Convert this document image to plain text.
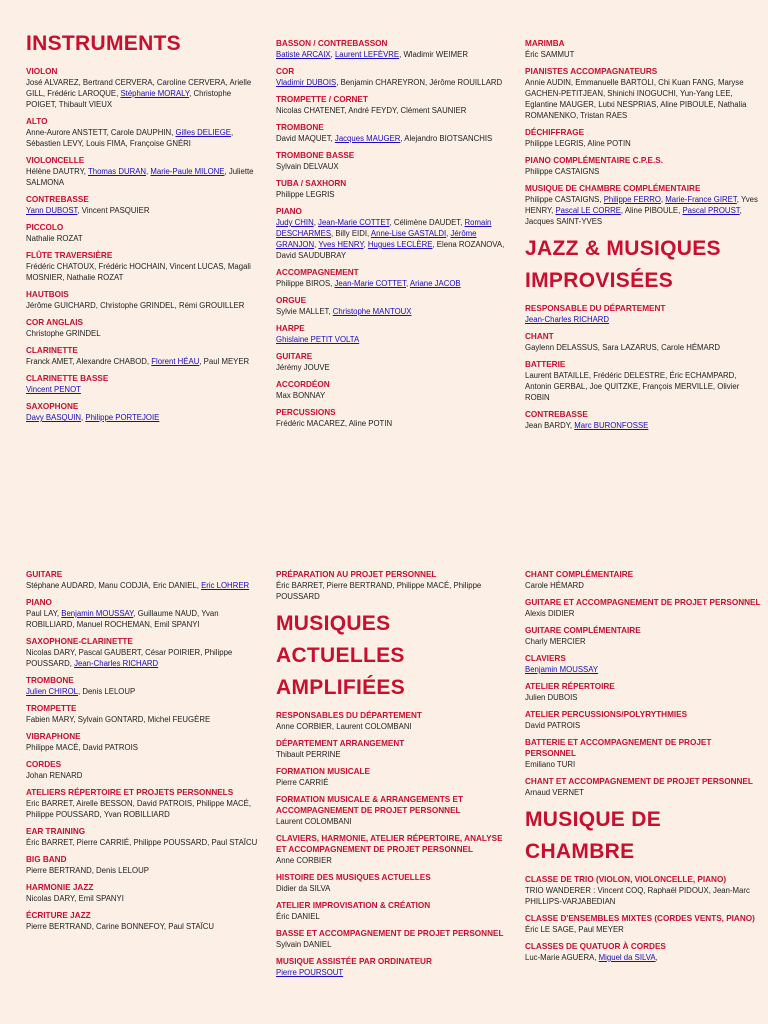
INSTRUMENTS
VIOLON
José ALVAREZ, Bertrand CERVERA, Caroline CERVERA, Arielle GILL, Frédéric LAROQUE, Stéphanie MORALY, Christophe POIGET, Thibault VIEUX
ALTO
Anne-Aurore ANSTETT, Carole DAUPHIN, Gilles DELIEGE, Sébastien LEVY, Louis FIMA, Françoise GNÉRI
VIOLONCELLE
Hélène DAUTRY, Thomas DURAN, Marie-Paule MILONE, Juliette SALMONA
CONTREBASSE
Yann DUBOST, Vincent PASQUIER
PICCOLO
Nathalie ROZAT
FLÛTE TRAVERSIÈRE
Frédéric CHATOUX, Frédéric HOCHAIN, Vincent LUCAS, Magali MOSNIER, Nathalie ROZAT
HAUTBOIS
Jérôme GUICHARD, Christophe GRINDEL, Rémi GROUILLER
COR ANGLAIS
Christophe GRINDEL
CLARINETTE
Franck AMET, Alexandre CHABOD, Florent HÉAU, Paul MEYER
CLARINETTE BASSE
Vincent PENOT
SAXOPHONE
Davy BASQUIN, Philippe PORTEJOIE
GUITARE
Stéphane AUDARD, Manu CODJIA, Eric DANIEL, Eric LOHRER
PIANO
Paul LAY, Benjamin MOUSSAY, Guillaume NAUD, Yvan ROBILLIARD, Manuel ROCHEMAN, Emil SPANYI
SAXOPHONE-CLARINETTE
Nicolas DARY, Pascal GAUBERT, César POIRIER, Philippe POUSSARD, Jean-Charles RICHARD
TROMBONE
Julien CHIROL, Denis LELOUP
TROMPETTE
Fabien MARY, Sylvain GONTARD, Michel FEUGÈRE
VIBRAPHONE
Philippe MACÉ, David PATROIS
CORDES
Johan RENARD
ATELIERS RÉPERTOIRE ET PROJETS PERSONNELS
Eric BARRET, Airelle BESSON, David PATROIS, Philippe MACÉ, Philippe POUSSARD, Yvan ROBILLIARD
EAR TRAINING
Éric BARRET, Pierre CARRIÉ, Philippe POUSSARD, Paul STAÏCU
BIG BAND
Pierre BERTRAND, Denis LELOUP
HARMONIE JAZZ
Nicolas DARY, Emil SPANYI
ÉCRITURE JAZZ
Pierre BERTRAND, Carine BONNEFOY, Paul STAÏCU
BASSON / CONTREBASSON
Batiste ARCAIX, Laurent LEFÈVRE, Wladimir WEIMER
COR
Vladimir DUBOIS, Benjamin CHAREYRON, Jérôme ROUILLARD
TROMPETTE / CORNET
Nicolas CHATENET, André FEYDY, Clément SAUNIER
TROMBONE
David MAQUET, Jacques MAUGER, Alejandro BIOTSANCHIS
TROMBONE BASSE
Sylvain DELVAUX
TUBA / SAXHORN
Philippe LEGRIS
PIANO
Judy CHIN, Jean-Marie COTTET, Célimène DAUDET, Romain DESCHARMES, Billy EIDI, Anne-Lise GASTALDI, Jérôme GRANJON, Yves HENRY, Hugues LECLÈRE, Elena ROZANOVA, David SAUDUBRAY
ACCOMPAGNEMENT
Philippe BIROS, Jean-Marie COTTET, Ariane JACOB
ORGUE
Sylvie MALLET, Christophe MANTOUX
HARPE
Ghislaine PETIT VOLTA
GUITARE
Jérémy JOUVE
ACCORDÉON
Max BONNAY
PERCUSSIONS
Frédéric MACAREZ, Aline POTIN
PRÉPARATION AU PROJET PERSONNEL
Éric BARRET, Pierre BERTRAND, Philippe MACÉ, Philippe POUSSARD
MUSIQUES ACTUELLES AMPLIFIÉES
RESPONSABLES DU DÉPARTEMENT
Anne CORBIER, Laurent COLOMBANI
DÉPARTEMENT ARRANGEMENT
Thibault PERRINE
FORMATION MUSICALE
Pierre CARRIÉ
FORMATION MUSICALE & ARRANGEMENTS ET ACCOMPAGNEMENT DE PROJET PERSONNEL
Laurent COLOMBANI
CLAVIERS, HARMONIE, ATELIER RÉPERTOIRE, ANALYSE ET ACCOMPAGNEMENT DE PROJET PERSONNEL
Anne CORBIER
HISTOIRE DES MUSIQUES ACTUELLES
Didier da SILVA
ATELIER IMPROVISATION & CRÉATION
Éric DANIEL
BASSE ET ACCOMPAGNEMENT DE PROJET PERSONNEL
Sylvain DANIEL
MUSIQUE ASSISTÉE PAR ORDINATEUR
Pierre POURSOUT
MARIMBA
Éric SAMMUT
PIANISTES ACCOMPAGNATEURS
Annie AUDIN, Emmanuelle BARTOLI, Chi Kuan FANG, Maryse GACHEN-PETITJEAN, Shinichi INOGUCHI, Yun-Yang LEE, Eglantine MAUGER, Lutxi NESPRIAS, Aline PIBOULE, Nathalia ROMANENKO, Tristan RAES
DÉCHIFFRAGE
Philippe LEGRIS, Aline POTIN
PIANO COMPLÉMENTAIRE C.P.E.S.
Philippe CASTAIGNS
MUSIQUE DE CHAMBRE COMPLÉMENTAIRE
Philippe CASTAIGNS, Philippe FERRO, Marie-France GIRET, Yves HENRY, Pascal LE CORRE, Aline PIBOULE, Pascal PROUST, Jacques SAINT-YVES
JAZZ & MUSIQUES IMPROVISÉES
RESPONSABLE DU DÉPARTEMENT
Jean-Charles RICHARD
CHANT
Gaylenn DELASSUS, Sara LAZARUS, Carole HÉMARD
BATTERIE
Laurent BATAILLE, Frédéric DELESTRE, Éric ECHAMPARD, Antonin GERBAL, Joe QUITZKE, François MERVILLE, Olivier ROBIN
CONTREBASSE
Jean BARDY, Marc BURONFOSSE
CHANT COMPLÉMENTAIRE
Carole HÉMARD
GUITARE ET ACCOMPAGNEMENT DE PROJET PERSONNEL
Alexis DIDIER
GUITARE COMPLÉMENTAIRE
Charly MERCIER
CLAVIERS
Benjamin MOUSSAY
ATELIER RÉPERTOIRE
Julien DUBOIS
ATELIER PERCUSSIONS/POLYRYTHMIES
David PATROIS
BATTERIE ET ACCOMPAGNEMENT DE PROJET PERSONNEL
Emiliano TURI
CHANT ET ACCOMPAGNEMENT DE PROJET PERSONNEL
Arnaud VERNET
MUSIQUE DE CHAMBRE
CLASSE DE TRIO (VIOLON, VIOLONCELLE, PIANO)
TRIO WANDERER : Vincent COQ, Raphaël PIDOUX, Jean-Marc PHILLIPS-VARJABEDIAN
CLASSE D'ENSEMBLES MIXTES (CORDES VENTS, PIANO)
Éric LE SAGE, Paul MEYER
CLASSES DE QUATUOR À CORDES
Luc-Marie AGUERA, Miguel da SILVA,
